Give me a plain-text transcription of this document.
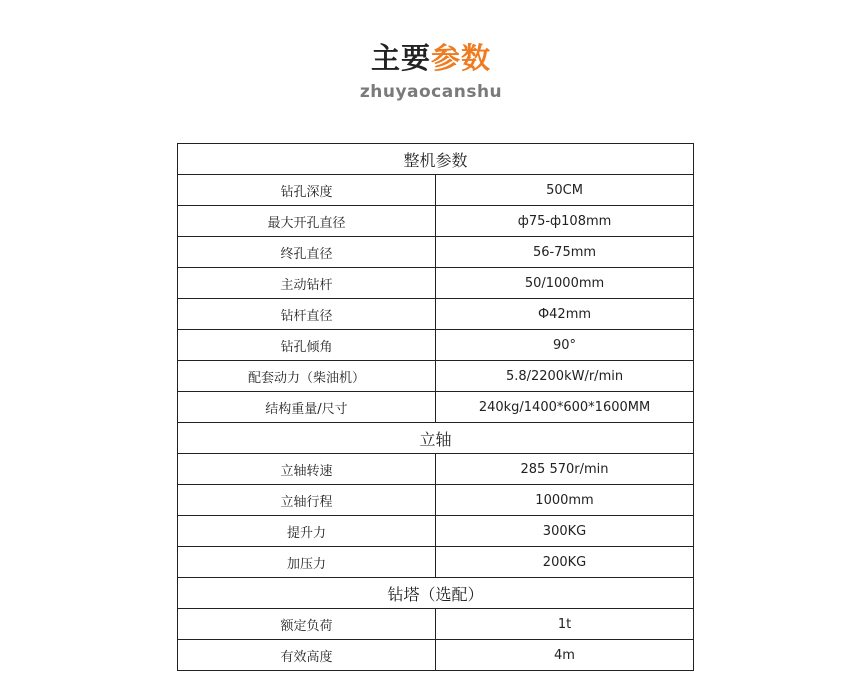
主要参数
zhuyaocanshu
整机参数	
钻孔深度	50CM
最大开孔直径	ф75-ф108mm
终孔直径	56-75mm
主动钻杆	50/1000mm
钻杆直径	Ф42mm
钻孔倾角	90°
配套动力（柴油机）	5.8/2200kW/r/min
结构重量/尺寸	240kg/1400*600*1600MM
立轴	
立轴转速	285 570r/min
立轴行程	1000mm
提升力	300KG
加压力	200KG
钻塔（选配）	
额定负荷	1t
有效高度	4m
